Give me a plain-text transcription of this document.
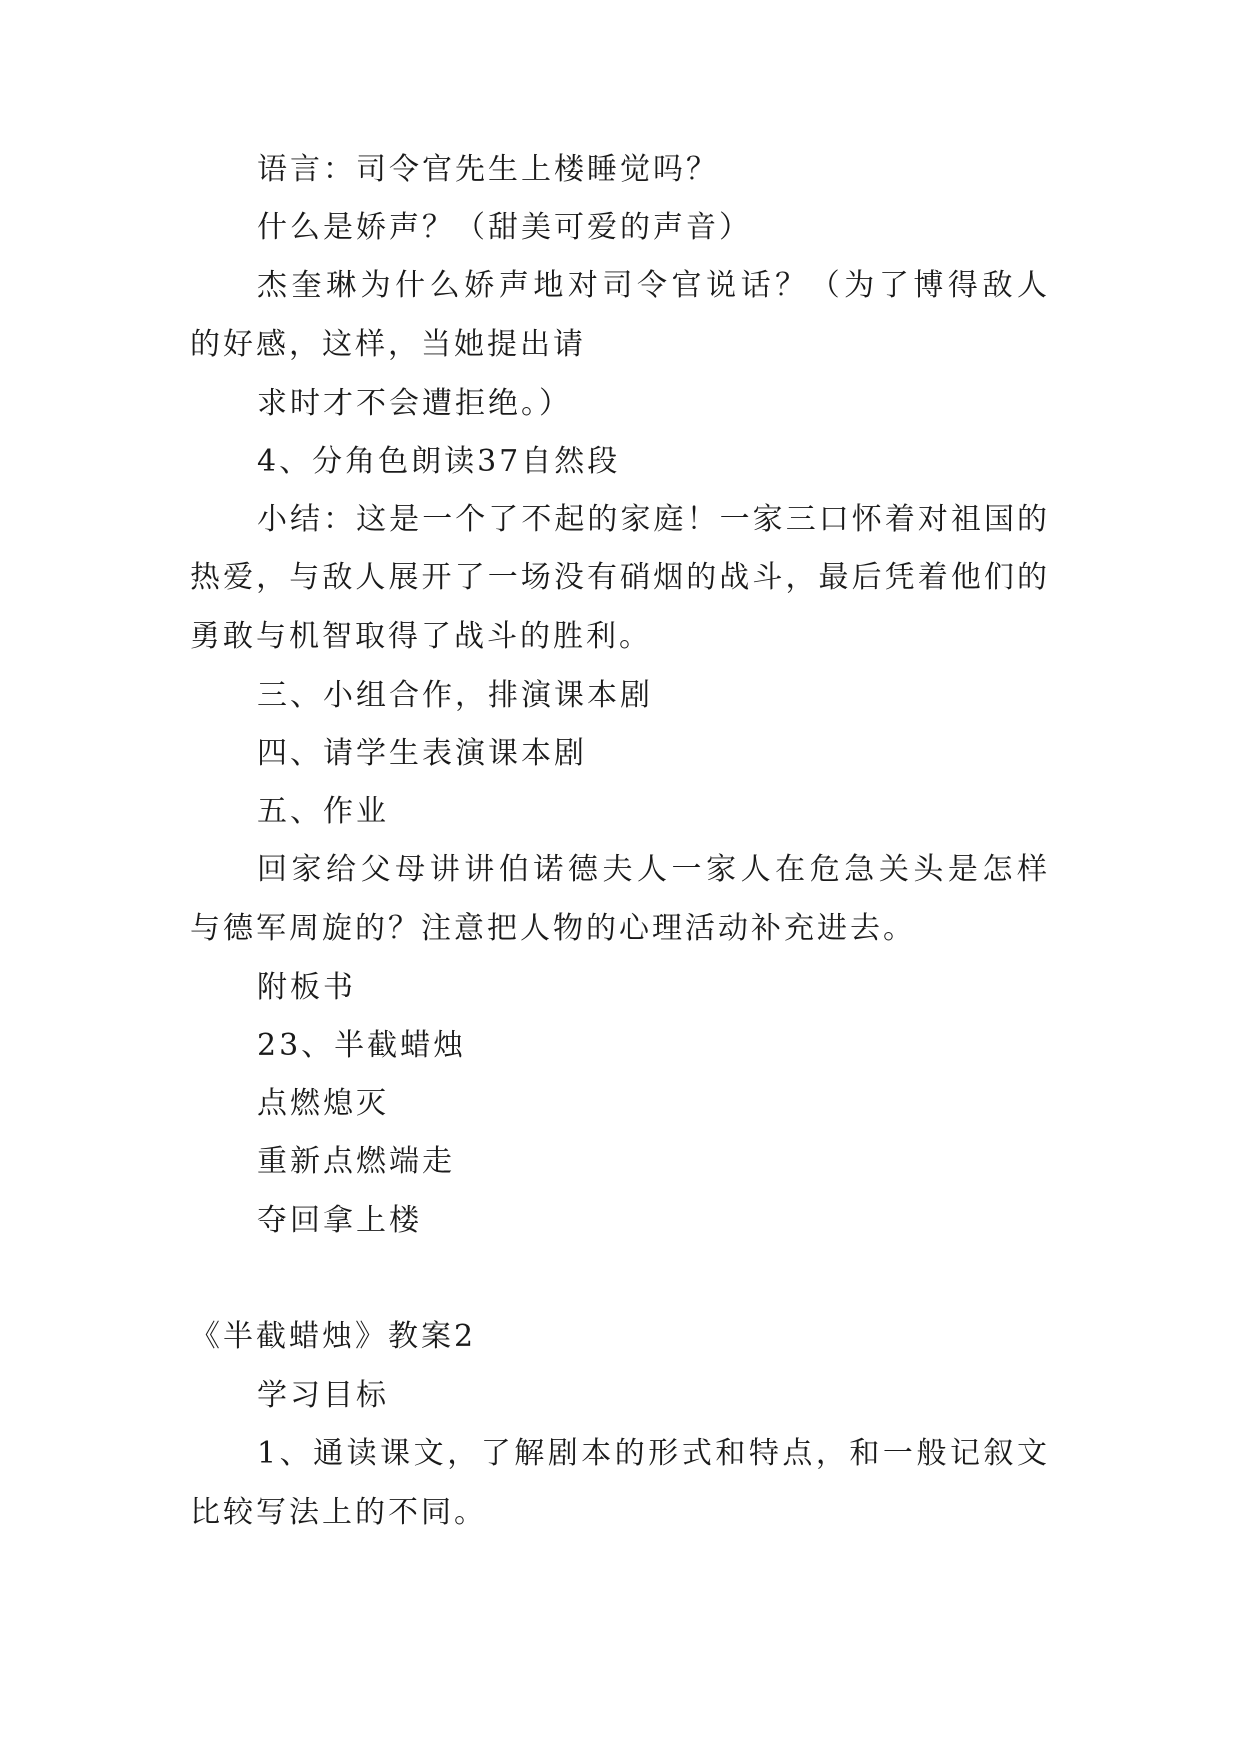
语言：司令官先生上楼睡觉吗？
什么是娇声？（甜美可爱的声音）
杰奎琳为什么娇声地对司令官说话？（为了博得敌人
的好感，这样，当她提出请
求时才不会遭拒绝。）
4、分角色朗读37自然段
小结：这是一个了不起的家庭！一家三口怀着对祖国的
热爱，与敌人展开了一场没有硝烟的战斗，最后凭着他们的
勇敢与机智取得了战斗的胜利。
三、小组合作，排演课本剧
四、请学生表演课本剧
五、作业
回家给父母讲讲伯诺德夫人一家人在危急关头是怎样
与德军周旋的？注意把人物的心理活动补充进去。
附板书
23、半截蜡烛
点燃熄灭
重新点燃端走
夺回拿上楼
《半截蜡烛》教案2
学习目标
1、通读课文，了解剧本的形式和特点，和一般记叙文
比较写法上的不同。
